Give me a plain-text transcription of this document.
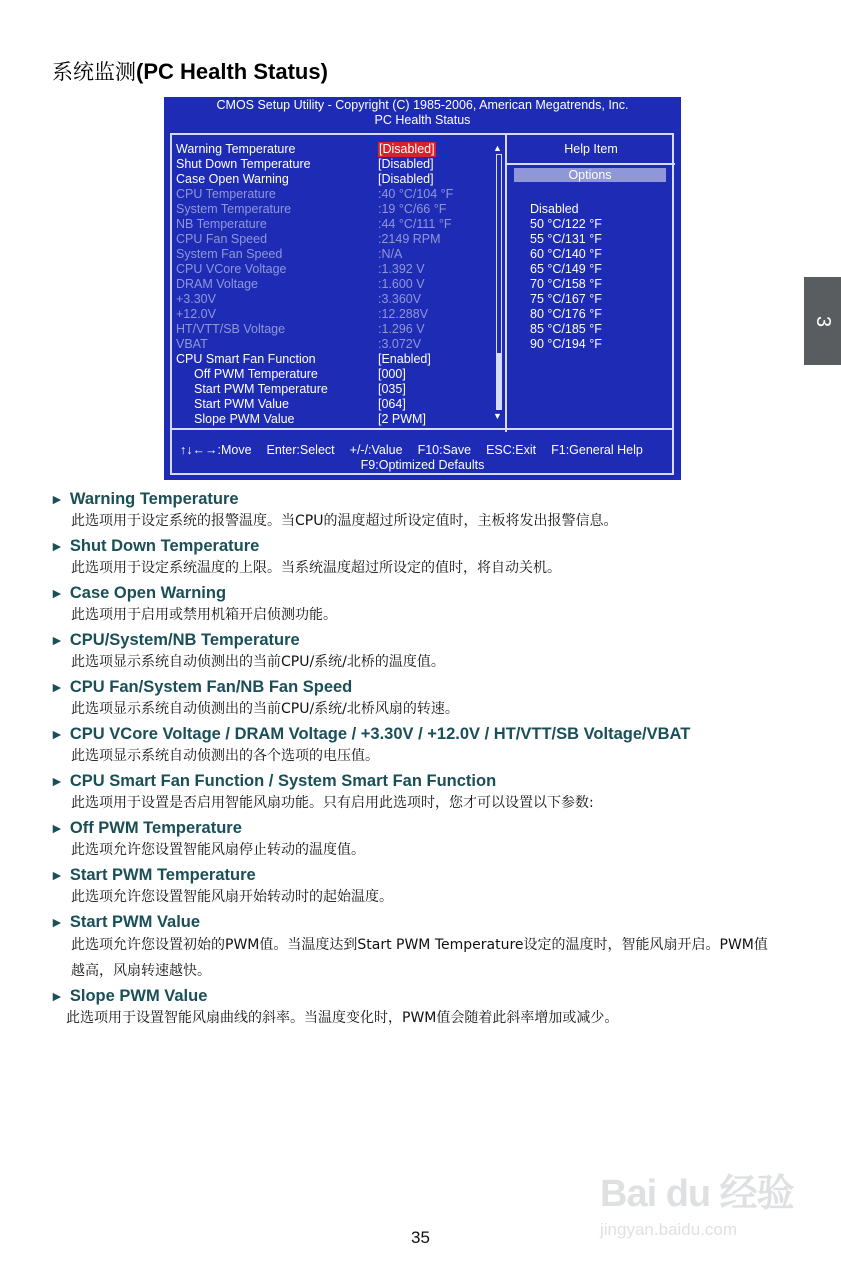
系统监测(PC Health Status)
CMOS Setup Utility - Copyright (C) 1985-2006, American Megatrends, Inc.
PC Health Status
Warning Temperature	[Disabled]
Shut Down Temperature	[Disabled]
Case Open Warning	[Disabled]
CPU Temperature	:40 °C/104 °F
System Temperature	:19 °C/66 °F
NB Temperature	:44 °C/111 °F
CPU Fan Speed	:2149 RPM
System Fan Speed	:N/A
CPU VCore Voltage	:1.392 V
DRAM Voltage	:1.600 V
+3.30V	:3.360V
+12.0V	:12.288V
HT/VTT/SB Voltage	:1.296 V
VBAT	:3.072V
CPU Smart Fan Function	[Enabled]
Off PWM Temperature	[000]
Start PWM Temperature	[035]
Start PWM Value	[064]
Slope PWM Value	[2 PWM]
▲
▼
Help Item
Options
Disabled
50 °C/122 °F
55 °C/131 °F
60 °C/140 °F
65 °C/149 °F
70 °C/158 °F
75 °C/167 °F
80 °C/176 °F
85 °C/185 °F
90 °C/194 °F
↑↓←→:Move Enter:Select +/-/:Value F10:Save ESC:Exit F1:General Help
F9:Optimized Defaults
► Warning Temperature
此选项用于设定系统的报警温度。当CPU的温度超过所设定值时，主板将发出报警信息。
► Shut Down Temperature
此选项用于设定系统温度的上限。当系统温度超过所设定的值时，将自动关机。
► Case Open Warning
此选项用于启用或禁用机箱开启侦测功能。
► CPU/System/NB Temperature
此选项显示系统自动侦测出的当前CPU/系统/北桥的温度值。
► CPU Fan/System Fan/NB Fan Speed
此选项显示系统自动侦测出的当前CPU/系统/北桥风扇的转速。
► CPU VCore Voltage / DRAM Voltage / +3.30V / +12.0V / HT/VTT/SB Voltage/VBAT
此选项显示系统自动侦测出的各个选项的电压值。
► CPU Smart Fan Function / System Smart Fan Function
此选项用于设置是否启用智能风扇功能。只有启用此选项时，您才可以设置以下参数:
► Off PWM Temperature
此选项允许您设置智能风扇停止转动的温度值。
► Start PWM Temperature
此选项允许您设置智能风扇开始转动时的起始温度。
► Start PWM Value
此选项允许您设置初始的PWM值。当温度达到Start PWM Temperature设定的温度时，智能风扇开启。PWM值越高，风扇转速越快。
► Slope PWM Value
此选项用于设置智能风扇曲线的斜率。当温度变化时，PWM值会随着此斜率增加或减少。
3
35
Bai du 经验
jingyan.baidu.com
